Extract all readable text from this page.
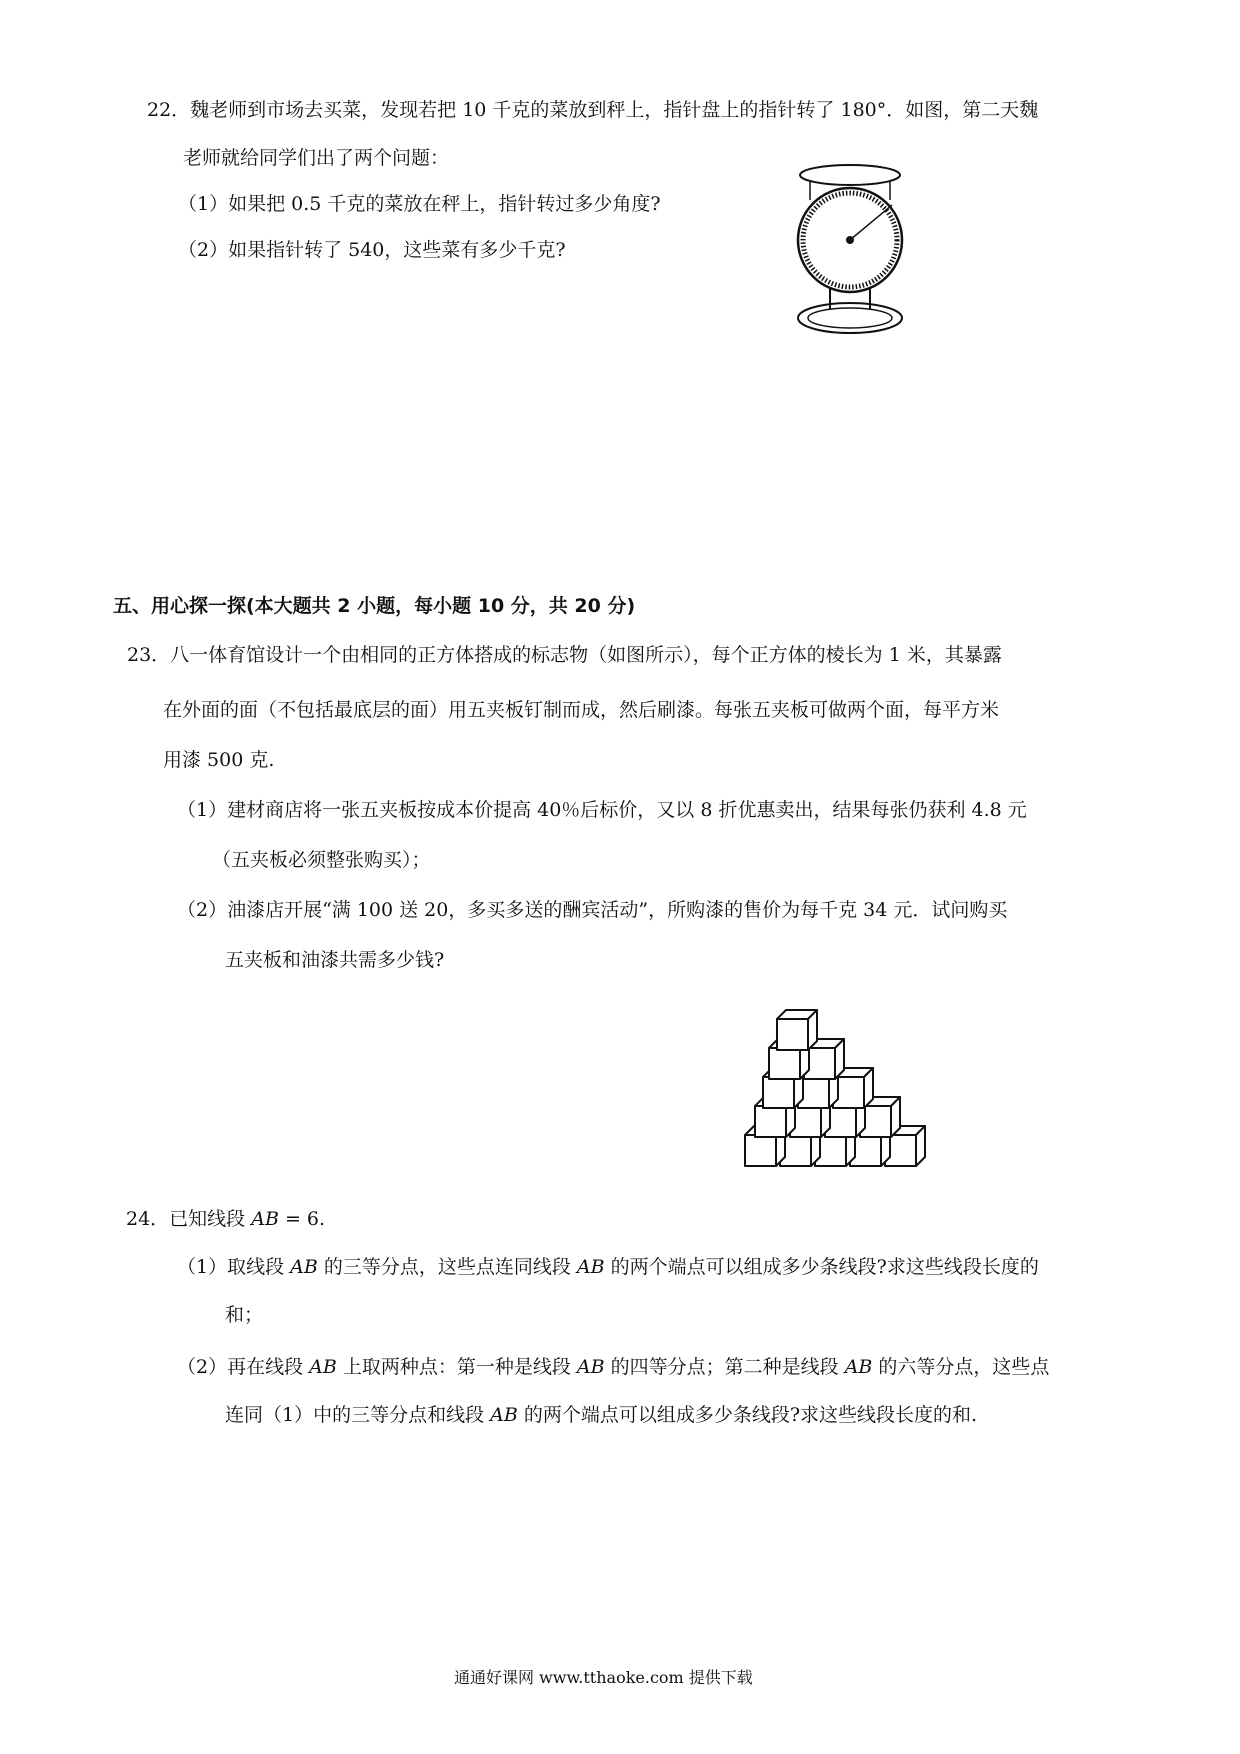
22．魏老师到市场去买菜，发现若把 10 千克的菜放到秤上，指针盘上的指针转了 180°．如图，第二天魏
老师就给同学们出了两个问题：
（1）如果把 0.5 千克的菜放在秤上，指针转过多少角度?
（2）如果指针转了 540，这些菜有多少千克?
五、用心探一探(本大题共 2 小题，每小题 10 分，共 20 分)
23．八一体育馆设计一个由相同的正方体搭成的标志物（如图所示），每个正方体的棱长为 1 米，其暴露
在外面的面（不包括最底层的面）用五夹板钉制而成，然后刷漆。每张五夹板可做两个面，每平方米
用漆 500 克.
（1）建材商店将一张五夹板按成本价提高 40％后标价，又以 8 折优惠卖出，结果每张仍获利 4.8 元
（五夹板必须整张购买）；
（2）油漆店开展“满 100 送 20，多买多送的酬宾活动”，所购漆的售价为每千克 34 元．试问购买
五夹板和油漆共需多少钱?
24．已知线段 AB = 6.
（1）取线段 AB 的三等分点，这些点连同线段 AB 的两个端点可以组成多少条线段?求这些线段长度的
和；
（2）再在线段 AB 上取两种点：第一种是线段 AB 的四等分点；第二种是线段 AB 的六等分点，这些点
连同（1）中的三等分点和线段 AB 的两个端点可以组成多少条线段?求这些线段长度的和.
通通好课网 www.tthaoke.com 提供下载
